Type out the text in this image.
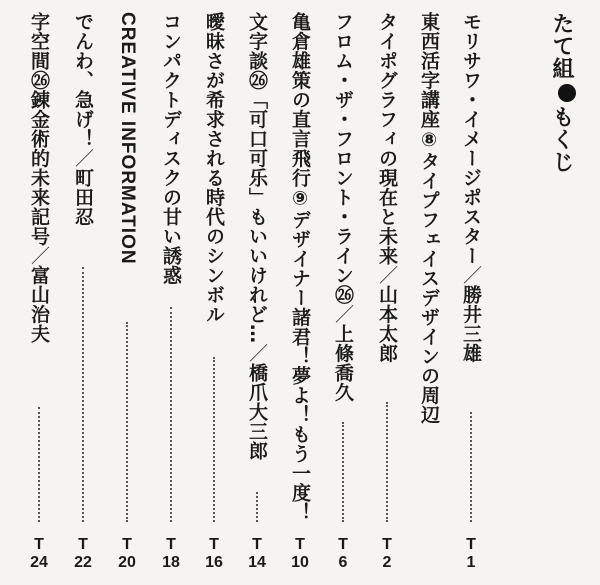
たて組もくじ
モリサワ・イメージポスター／勝井三雄
T
1
東西活字講座⑧タイプフェイスデザインの周辺
タイポグラフィの現在と未来／山本太郎
T
2
フロム・ザ・フロント・ライン㉖／上條喬久
T
6
亀倉雄策の直言飛行⑨デザイナー諸君！夢よ！もう一度！
T
10
文字談㉖「可口可乐」もいいけれど…／橋爪大三郎
T
14
曖昧さが希求される時代のシンボル
T
16
コンパクトディスクの甘い誘惑
T
18
CREATIVE INFORMATION
T
20
でんわ、急げ！／町田忍
T
22
字空間㉖錬金術的未来記号／富山治夫
T
24
